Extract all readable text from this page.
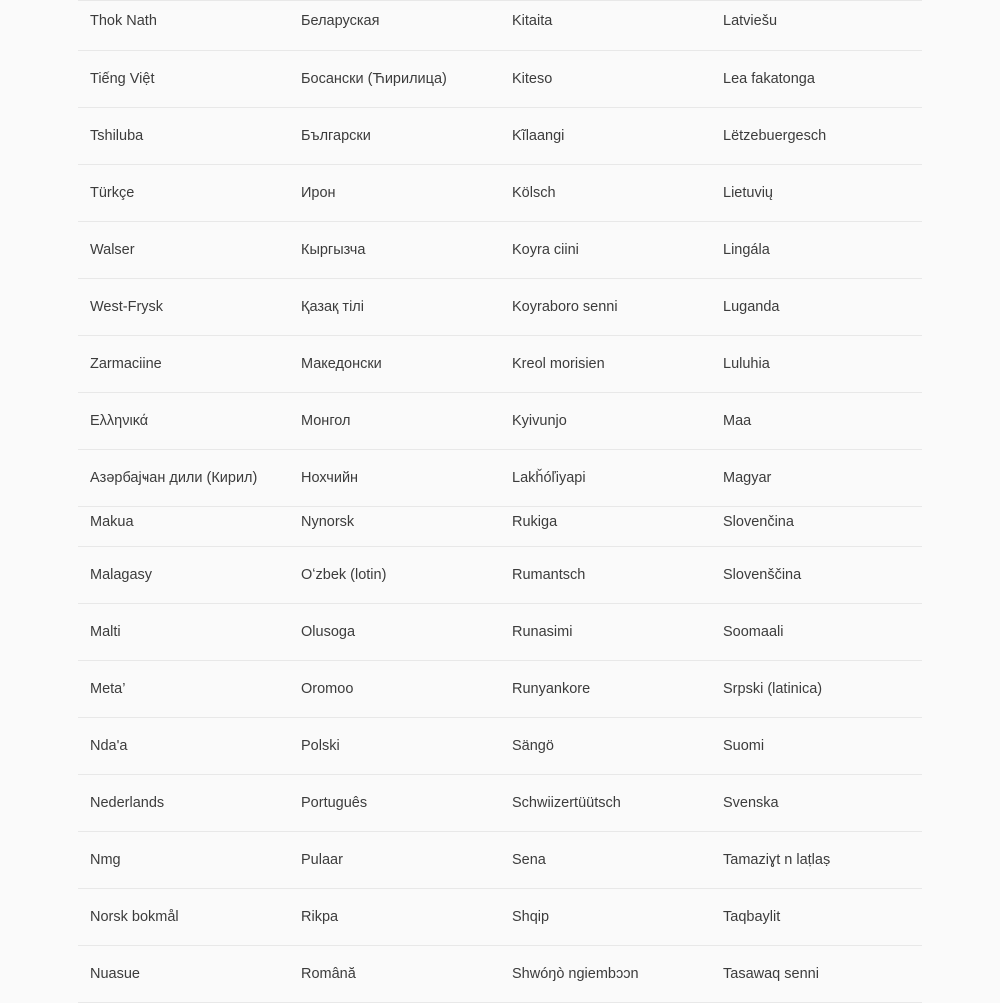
Thok Nath	Беларуская	Kitaita	Latviešu
Tiếng Việt	Босански (Ћирилица)	Kiteso	Lea fakatonga
Tshiluba	Български	Kĩlaangi	Lëtzebuergesch
Türkçe	Ирон	Kölsch	Lietuvių
Walser	Кыргызча	Koyra ciini	Lingála
West-Frysk	Қазақ тілі	Koyraboro senni	Luganda
Zarmaciine	Македонски	Kreol morisien	Luluhia
Ελληνικά	Монгол	Kyivunjo	Maa
Азәрбајҹан дили (Кирил)	Нохчийн	Lakȟóľiyapi	Magyar
Makua	Nynorsk	Rukiga	Slovenčina
Malagasy	Oʻzbek (lotin)	Rumantsch	Slovenščina
Malti	Olusoga	Runasimi	Soomaali
Meta’	Oromoo	Runyankore	Srpski (latinica)
Nda'a	Polski	Sängö	Suomi
Nederlands	Português	Schwiizertüütsch	Svenska
Nmg	Pulaar	Sena	Tamaziɣt n laṭlaṣ
Norsk bokmål	Rikpa	Shqip	Taqbaylit
Nuasue	Română	Shwóŋò ngiembɔɔn	Tasawaq senni
